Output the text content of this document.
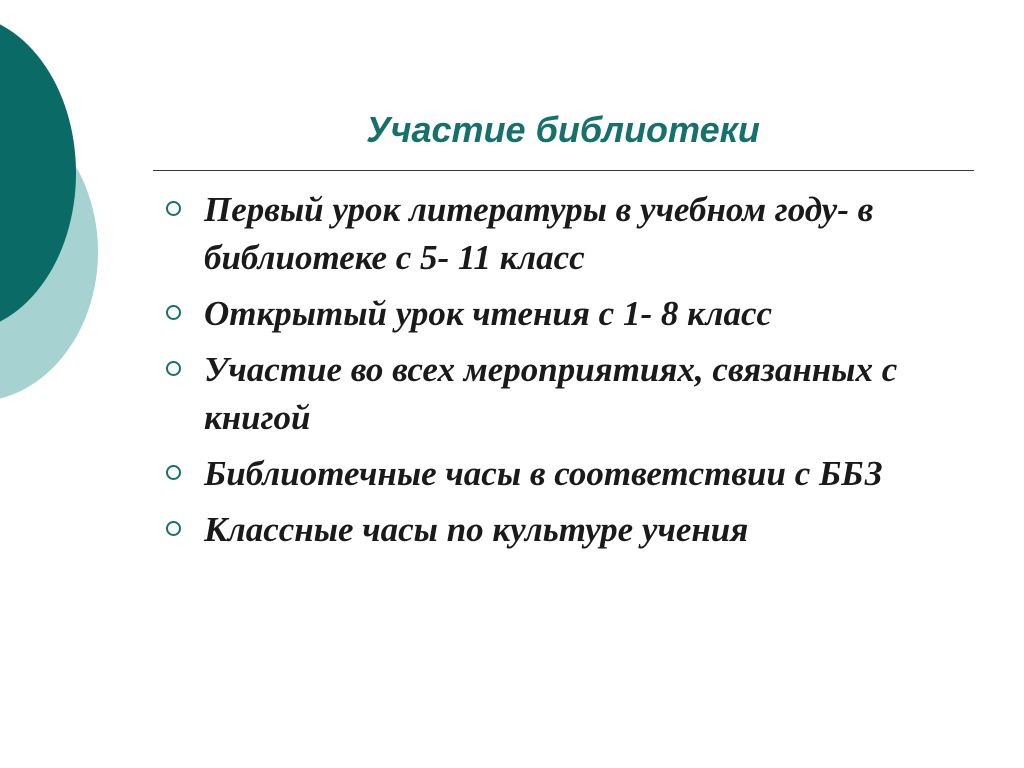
Участие библиотеки
Первый урок литературы в учебном году- в библиотеке с 5- 11 класс
Открытый урок чтения с 1- 8 класс
Участие во всех мероприятиях, связанных с книгой
Библиотечные часы в соответствии с ББЗ
Классные часы по культуре учения
